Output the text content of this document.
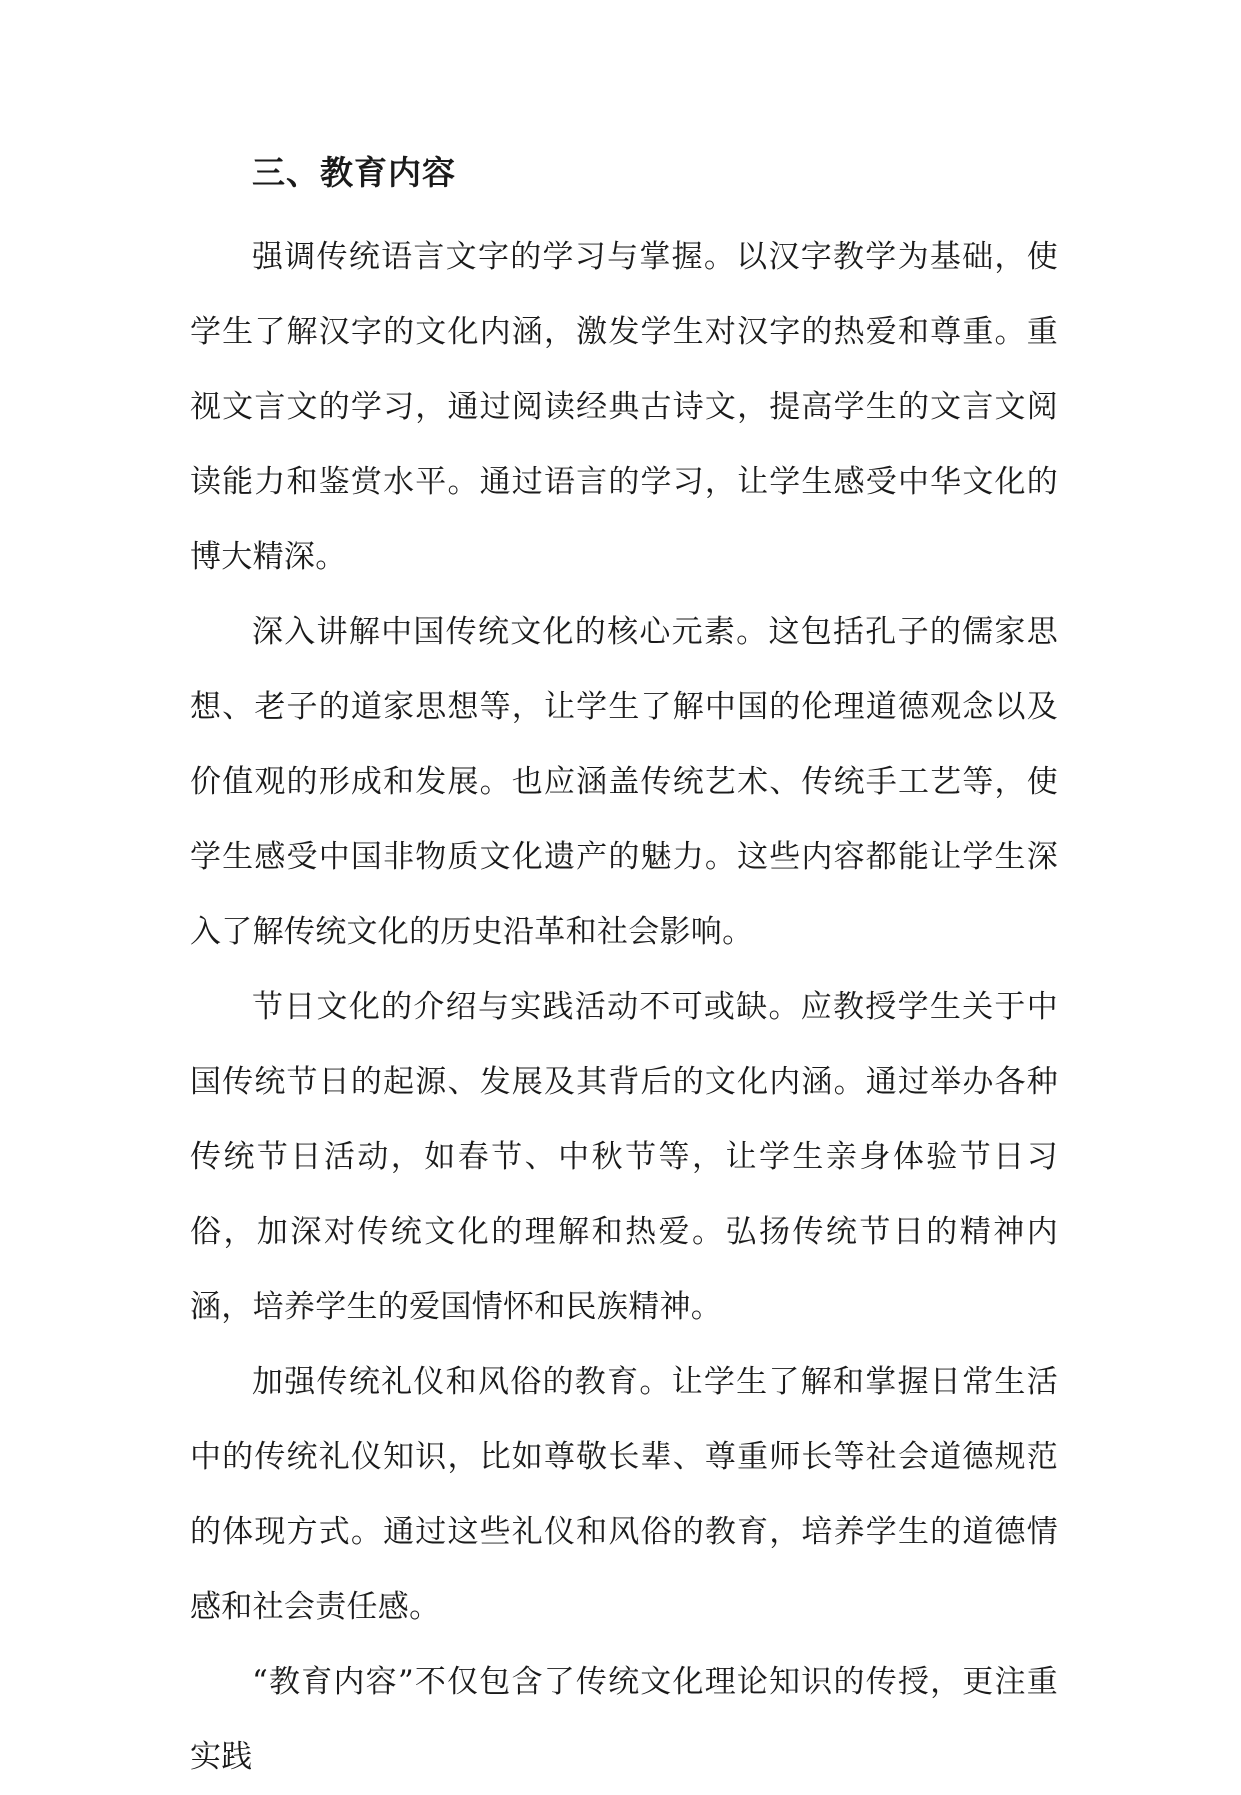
三、教育内容

强调传统语言文字的学习与掌握。以汉字教学为基础，使学生了解汉字的文化内涵，激发学生对汉字的热爱和尊重。重视文言文的学习，通过阅读经典古诗文，提高学生的文言文阅读能力和鉴赏水平。通过语言的学习，让学生感受中华文化的博大精深。

深入讲解中国传统文化的核心元素。这包括孔子的儒家思想、老子的道家思想等，让学生了解中国的伦理道德观念以及价值观的形成和发展。也应涵盖传统艺术、传统手工艺等，使学生感受中国非物质文化遗产的魅力。这些内容都能让学生深入了解传统文化的历史沿革和社会影响。

节日文化的介绍与实践活动不可或缺。应教授学生关于中国传统节日的起源、发展及其背后的文化内涵。通过举办各种传统节日活动，如春节、中秋节等，让学生亲身体验节日习俗，加深对传统文化的理解和热爱。弘扬传统节日的精神内涵，培养学生的爱国情怀和民族精神。

加强传统礼仪和风俗的教育。让学生了解和掌握日常生活中的传统礼仪知识，比如尊敬长辈、尊重师长等社会道德规范的体现方式。通过这些礼仪和风俗的教育，培养学生的道德情感和社会责任感。

“教育内容”不仅包含了传统文化理论知识的传授，更注重实践
